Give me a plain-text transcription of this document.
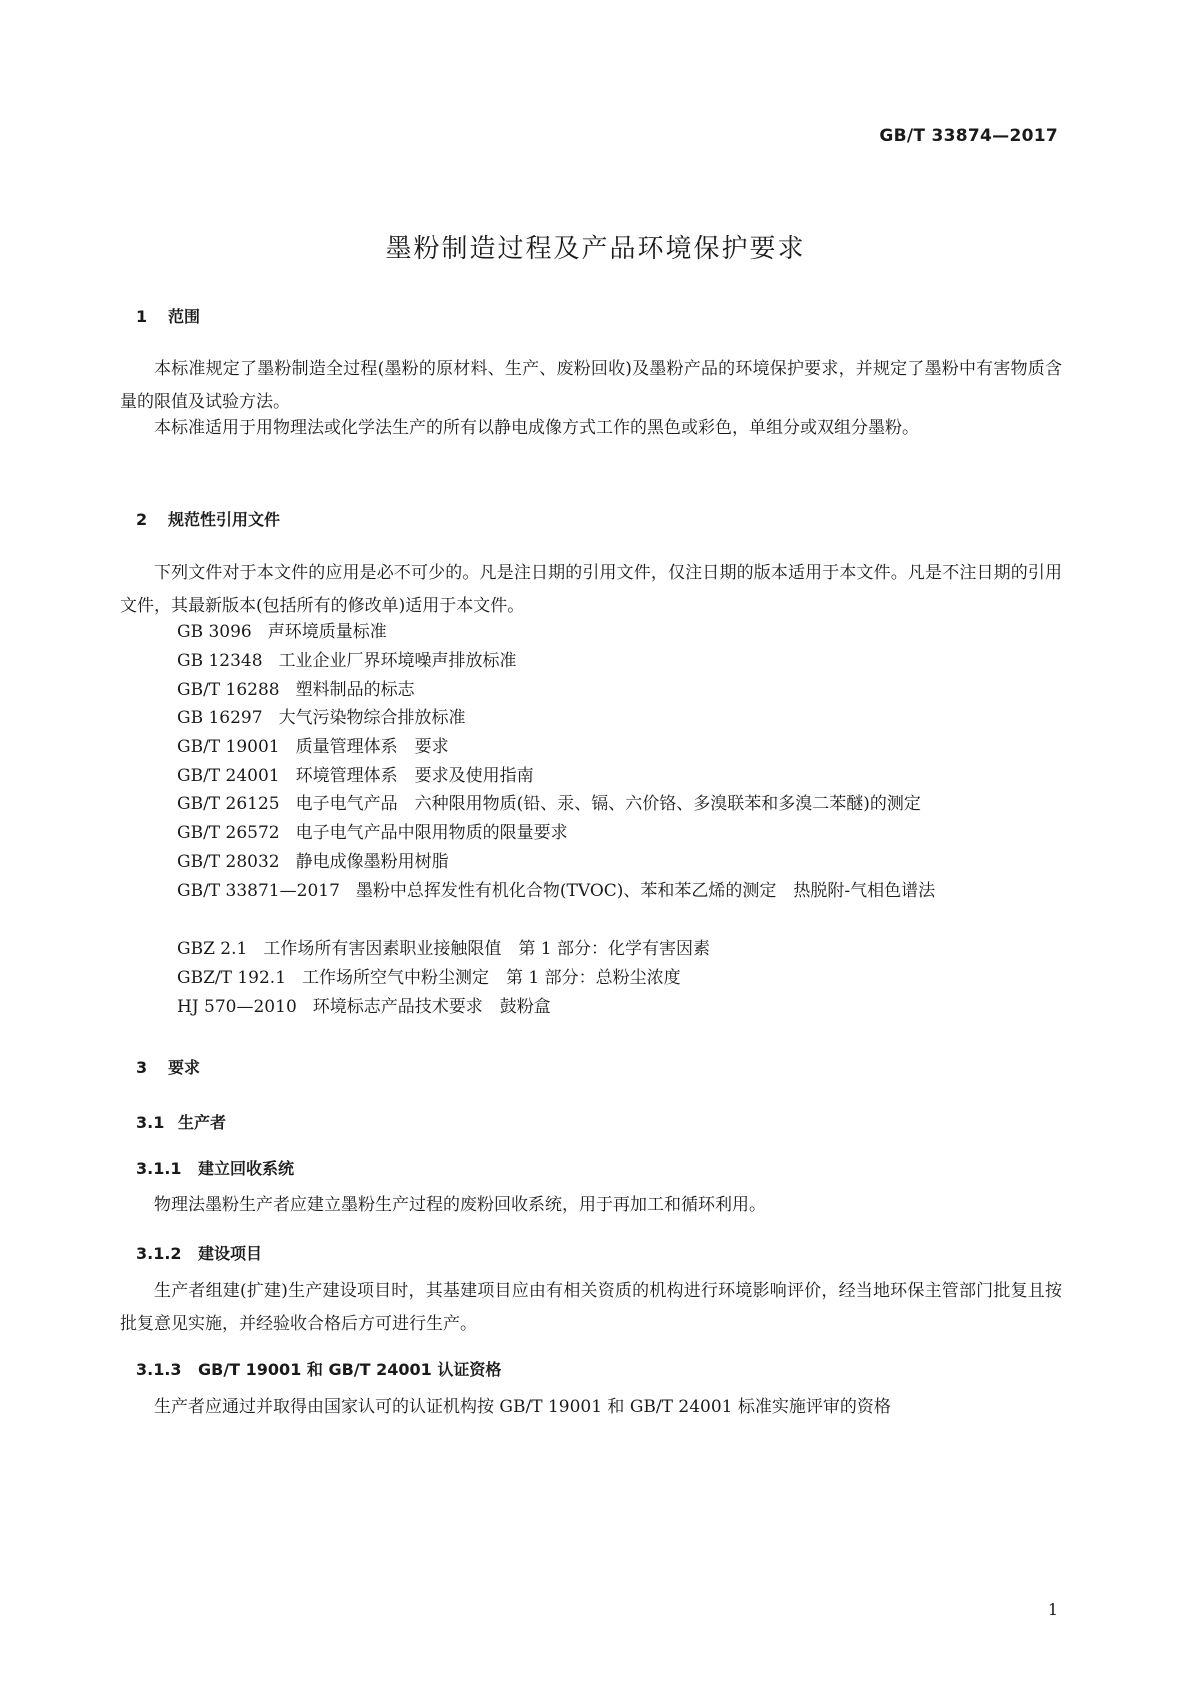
GB/T 33874—2017
墨粉制造过程及产品环境保护要求
1 范围
本标准规定了墨粉制造全过程(墨粉的原材料、生产、废粉回收)及墨粉产品的环境保护要求，并规定了墨粉中有害物质含量的限值及试验方法。
本标准适用于用物理法或化学法生产的所有以静电成像方式工作的黑色或彩色，单组分或双组分墨粉。
2 规范性引用文件
下列文件对于本文件的应用是必不可少的。凡是注日期的引用文件，仅注日期的版本适用于本文件。凡是不注日期的引用文件，其最新版本(包括所有的修改单)适用于本文件。
GB 3096 声环境质量标准
GB 12348 工业企业厂界环境噪声排放标准
GB/T 16288 塑料制品的标志
GB 16297 大气污染物综合排放标准
GB/T 19001 质量管理体系　要求
GB/T 24001 环境管理体系　要求及使用指南
GB/T 26125 电子电气产品　六种限用物质(铅、汞、镉、六价铬、多溴联苯和多溴二苯醚)的测定
GB/T 26572 电子电气产品中限用物质的限量要求
GB/T 28032 静电成像墨粉用树脂
GB/T 33871—2017 墨粉中总挥发性有机化合物(TVOC)、苯和苯乙烯的测定　热脱附-气相色谱法
GBZ 2.1 工作场所有害因素职业接触限值　第 1 部分：化学有害因素
GBZ/T 192.1 工作场所空气中粉尘测定　第 1 部分：总粉尘浓度
HJ 570—2010 环境标志产品技术要求　鼓粉盒
3 要求
3.1 生产者
3.1.1 建立回收系统
物理法墨粉生产者应建立墨粉生产过程的废粉回收系统，用于再加工和循环利用。
3.1.2 建设项目
生产者组建(扩建)生产建设项目时，其基建项目应由有相关资质的机构进行环境影响评价，经当地环保主管部门批复且按批复意见实施，并经验收合格后方可进行生产。
3.1.3 GB/T 19001 和 GB/T 24001 认证资格
生产者应通过并取得由国家认可的认证机构按 GB/T 19001 和 GB/T 24001 标准实施评审的资格
1
